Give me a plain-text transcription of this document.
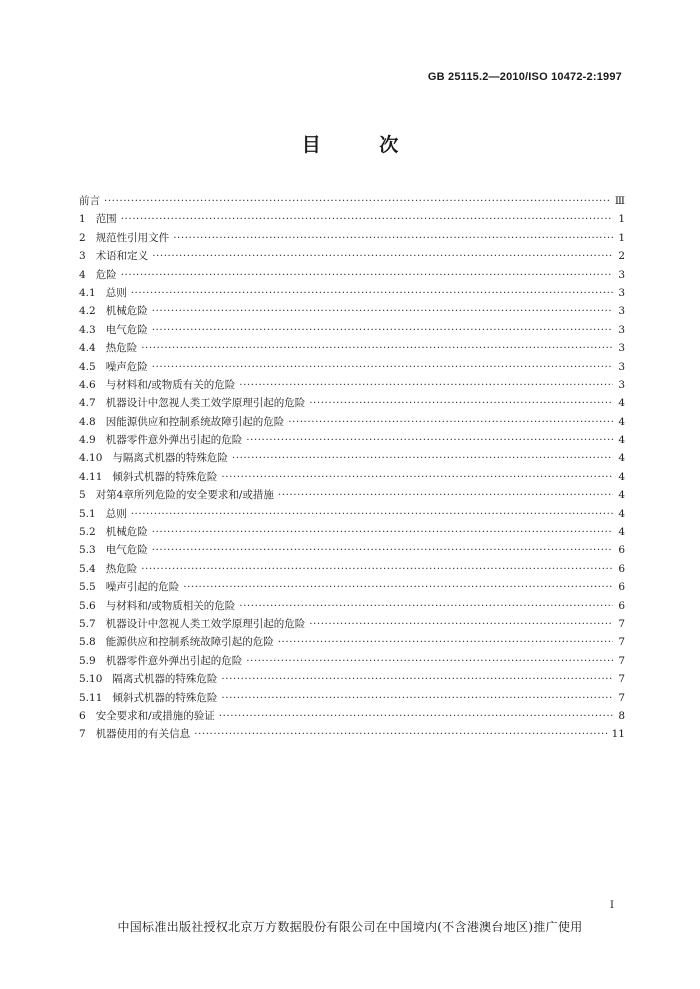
GB 25115.2—2010/ISO 10472-2:1997
目 次
前言 ·····	Ⅲ
1 范围 ·····	1
2 规范性引用文件 ·····	1
3 术语和定义 ·····	2
4 危险 ·····	3
4.1 总则 ·····	3
4.2 机械危险 ·····	3
4.3 电气危险 ·····	3
4.4 热危险 ·····	3
4.5 噪声危险 ·····	3
4.6 与材料和/或物质有关的危险 ·····	3
4.7 机器设计中忽视人类工效学原理引起的危险 ·····	4
4.8 因能源供应和控制系统故障引起的危险 ·····	4
4.9 机器零件意外弹出引起的危险 ·····	4
4.10 与隔离式机器的特殊危险 ·····	4
4.11 倾斜式机器的特殊危险 ·····	4
5 对第4章所列危险的安全要求和/或措施 ·····	4
5.1 总则 ·····	4
5.2 机械危险 ·····	4
5.3 电气危险 ·····	6
5.4 热危险 ·····	6
5.5 噪声引起的危险 ·····	6
5.6 与材料和/或物质相关的危险 ·····	6
5.7 机器设计中忽视人类工效学原理引起的危险 ·····	7
5.8 能源供应和控制系统故障引起的危险 ·····	7
5.9 机器零件意外弹出引起的危险 ·····	7
5.10 隔离式机器的特殊危险 ·····	7
5.11 倾斜式机器的特殊危险 ·····	7
6 安全要求和/或措施的验证 ·····	8
7 机器使用的有关信息 ·····	11
I
中国标准出版社授权北京万方数据股份有限公司在中国境内(不含港澳台地区)推广使用
